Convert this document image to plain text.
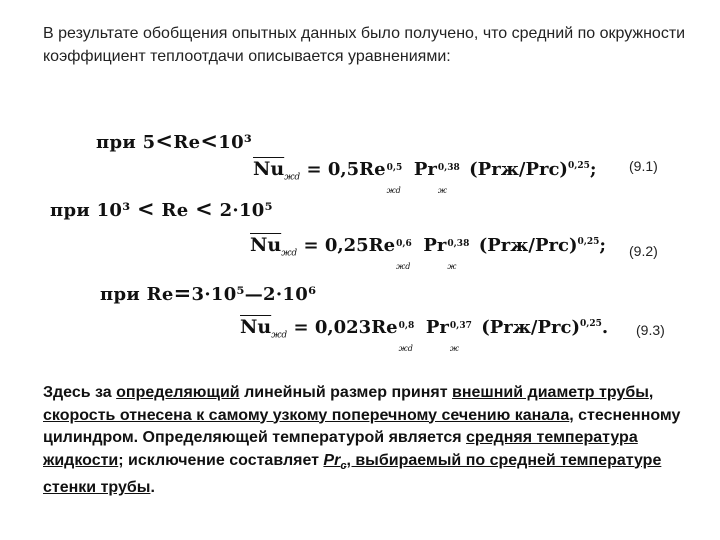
В результате обобщения опытных данных было получено, что средний по окружности коэффициент теплоотдачи описывается уравнениями:
при 5<Re<10³
$\overline{Nu}_{жd} = 0,5Re$ 0,5
жd
Pr 0,38
ж
$(Prж/Prс)^{0,25}$; (9.1)
при 10³ < Re < 2·10⁵
$\overline{Nu}_{жd} = 0,25Re$ 0,6
жd
Pr 0,38
ж
$(Prж/Prс)^{0,25}$; (9.2)
при Re=3·10⁵—2·10⁶
$\overline{Nu}_{жd} = 0,023Re$ 0,8
жd
Pr 0,37
ж
$(Prж/Prс)^{0,25}$. (9.3)
Здесь за определяющий линейный размер принят внешний диаметр трубы, скорость отнесена к самому узкому поперечному сечению канала, стесненному цилиндром. Определяющей температурой является средняя температура жидкости; исключение составляет $Pr_с$, выбираемый по средней температуре стенки трубы.
